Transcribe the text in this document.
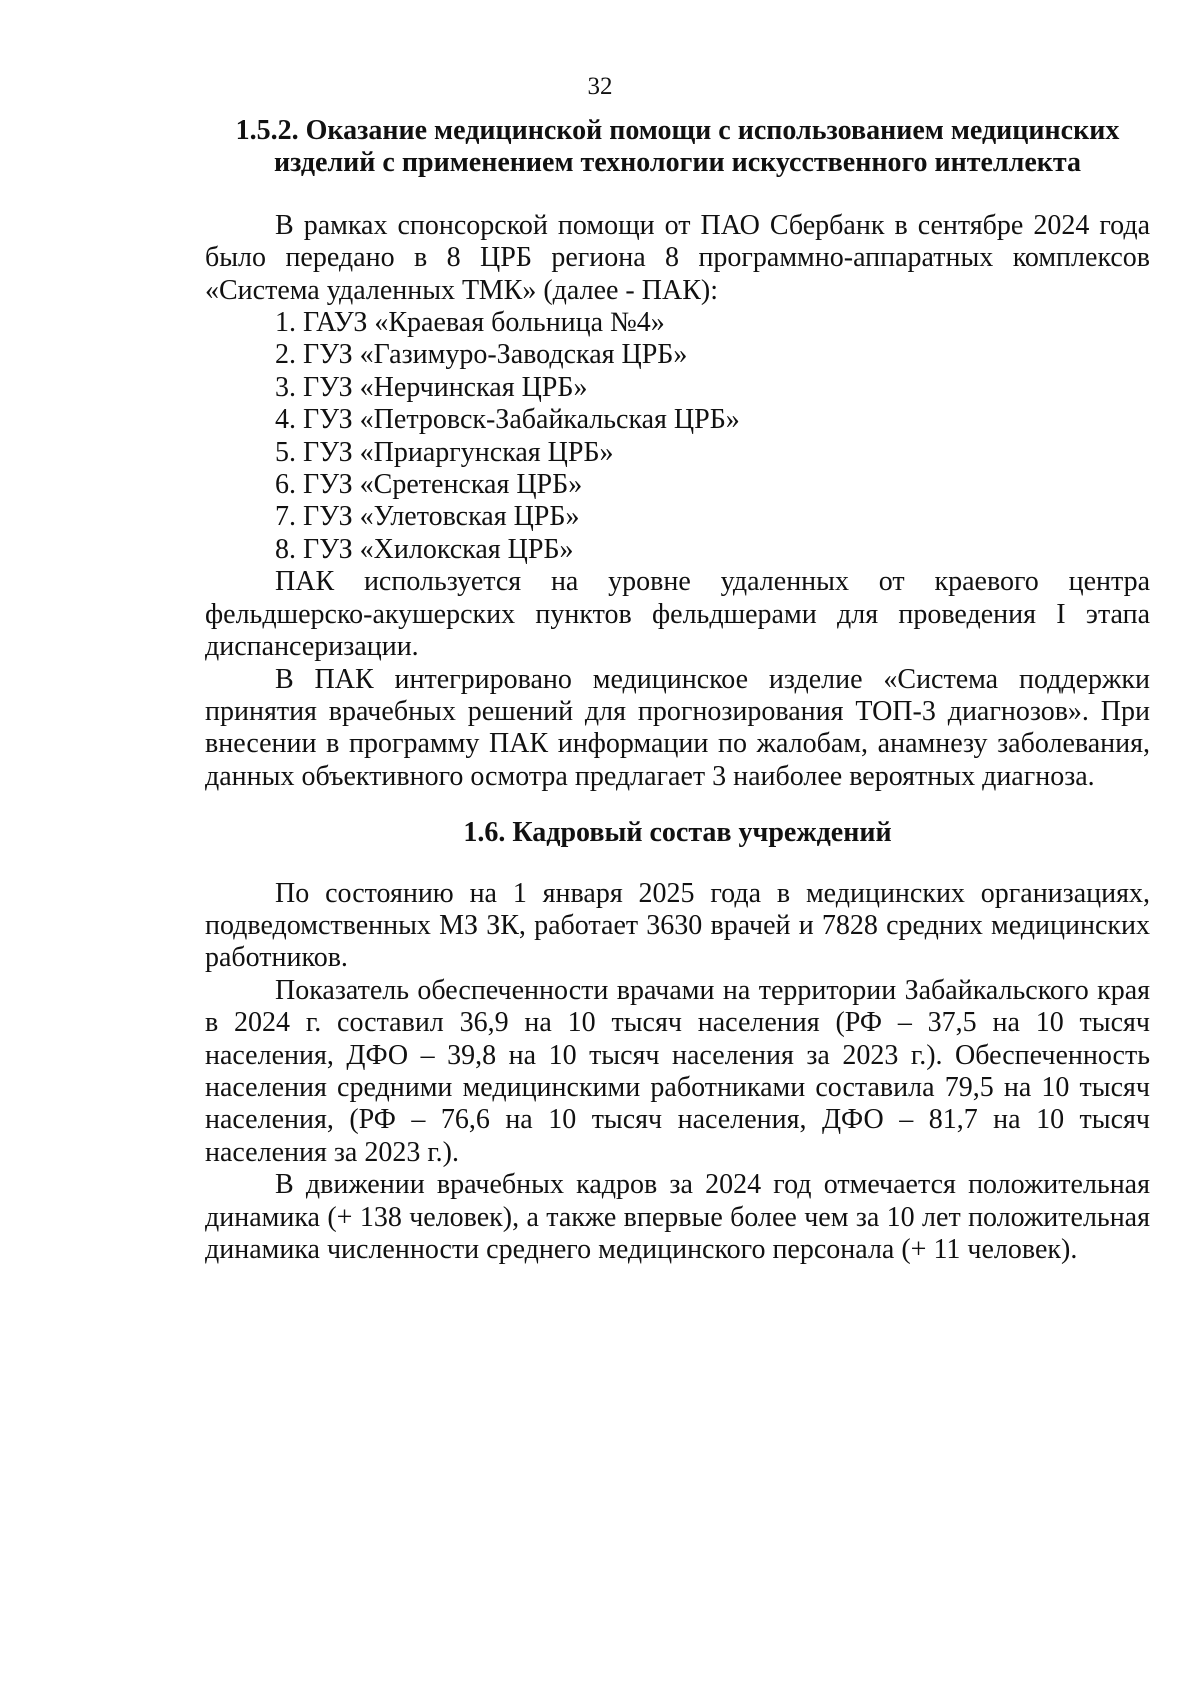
32
1.5.2. Оказание медицинской помощи с использованием медицинских
изделий с применением технологии искусственного интеллекта

В рамках спонсорской помощи от ПАО Сбербанк в сентябре 2024 года было передано в 8 ЦРБ региона 8 программно-аппаратных комплексов «Система удаленных ТМК» (далее - ПАК):

1. ГАУЗ «Краевая больница №4»
2. ГУЗ «Газимуро-Заводская ЦРБ»
3. ГУЗ «Нерчинская ЦРБ»
4. ГУЗ «Петровск-Забайкальская ЦРБ»
5. ГУЗ «Приаргунская ЦРБ»
6. ГУЗ «Сретенская ЦРБ»
7. ГУЗ «Улетовская ЦРБ»
8. ГУЗ «Хилокская ЦРБ»

ПАК используется на уровне удаленных от краевого центра фельдшерско-акушерских пунктов фельдшерами для проведения I этапа диспансеризации.

В ПАК интегрировано медицинское изделие «Система поддержки принятия врачебных решений для прогнозирования ТОП-3 диагнозов». При внесении в программу ПАК информации по жалобам, анамнезу заболевания, данных объективного осмотра предлагает 3 наиболее вероятных диагноза.

1.6. Кадровый состав учреждений

По состоянию на 1 января 2025 года в медицинских организациях, подведомственных МЗ ЗК, работает 3630 врачей и 7828 средних медицинских работников.

Показатель обеспеченности врачами на территории Забайкальского края в 2024 г. составил 36,9 на 10 тысяч населения (РФ – 37,5 на 10 тысяч населения, ДФО – 39,8 на 10 тысяч населения за 2023 г.). Обеспеченность населения средними медицинскими работниками составила 79,5 на 10 тысяч населения, (РФ – 76,6 на 10 тысяч населения, ДФО – 81,7 на 10 тысяч населения за 2023 г.).

В движении врачебных кадров за 2024 год отмечается положительная динамика (+ 138 человек), а также впервые более чем за 10 лет положительная динамика численности среднего медицинского персонала (+ 11 человек).
